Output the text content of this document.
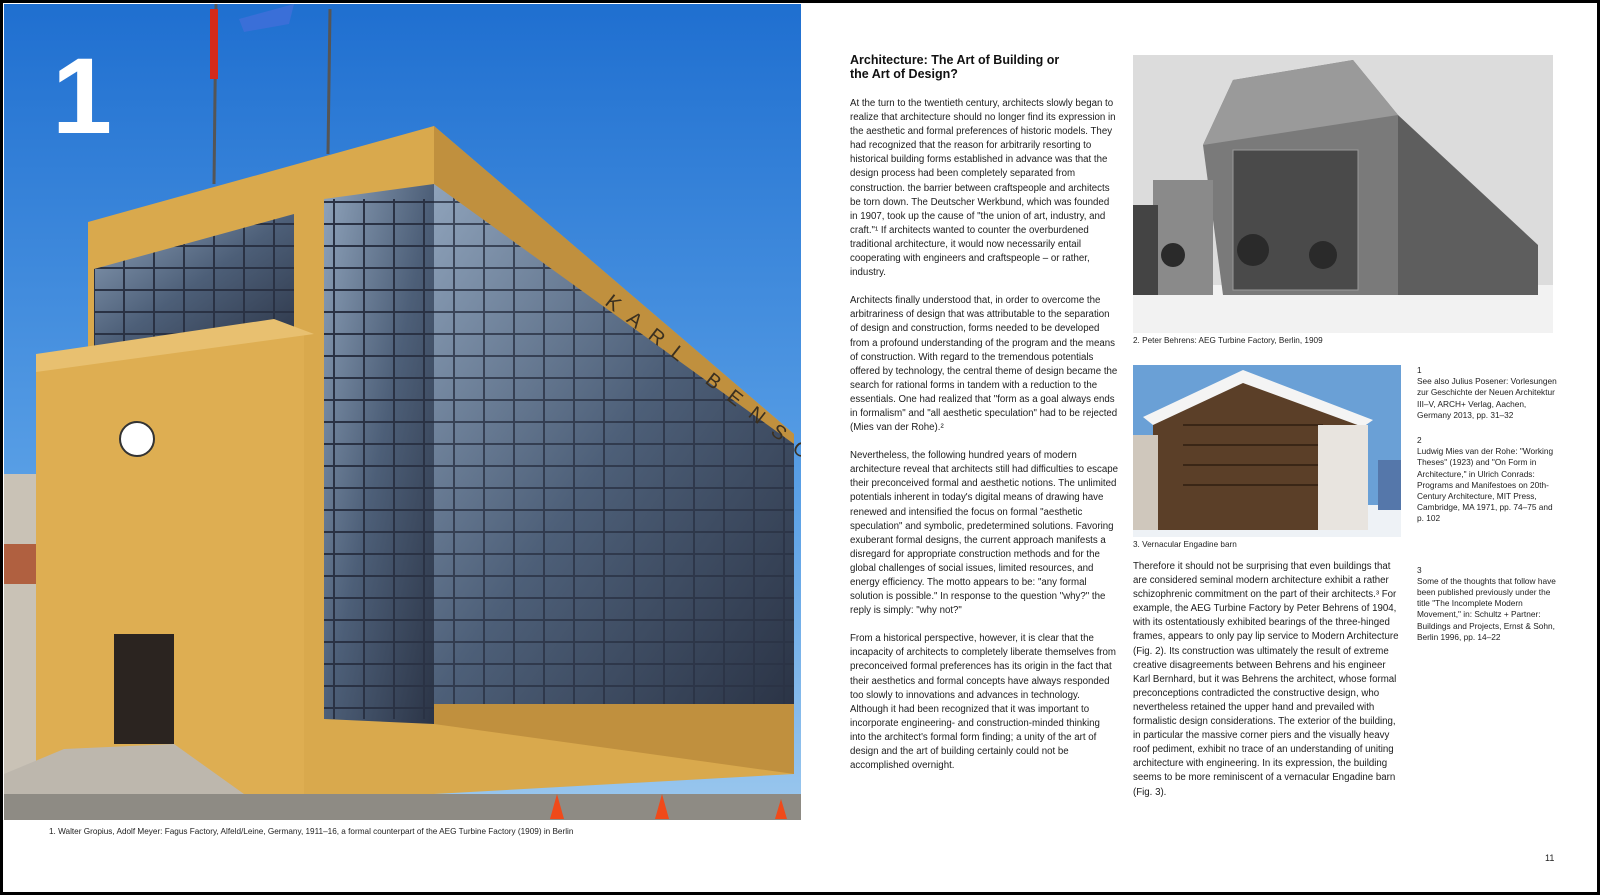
KARL
1
1. Walter Gropius, Adolf Meyer: Fagus Factory, Alfeld/Leine, Germany, 1911–16, a formal counterpart of the AEG Turbine Factory (1909) in Berlin
Architecture: The Art of Building or the Art of Design?

At the turn to the twentieth century, architects slowly began to realize that architecture should no longer find its expression in the aesthetic and formal preferences of historic models. They had recognized that the reason for arbitrarily resorting to historical building forms established in advance was that the design process had been completely separated from construction. the barrier between craftspeople and architects be torn down. The Deutscher Werkbund, which was founded in 1907, took up the cause of "the union of art, industry, and craft."¹ If architects wanted to counter the overburdened traditional architecture, it would now necessarily entail cooperating with engineers and craftspeople – or rather, industry.

Architects finally understood that, in order to overcome the arbitrariness of design that was attributable to the separation of design and construction, forms needed to be developed from a profound understanding of the program and the means of construction. With regard to the tremendous potentials offered by technology, the central theme of design became the search for rational forms in tandem with a reduction to the essentials. One had realized that "form as a goal always ends in formalism" and "all aesthetic speculation" had to be rejected (Mies van der Rohe).²

Nevertheless, the following hundred years of modern architecture reveal that architects still had difficulties to escape their preconceived formal and aesthetic notions. The unlimited potentials inherent in today's digital means of drawing have renewed and intensified the focus on formal "aesthetic speculation" and symbolic, predetermined solutions. Favoring exuberant formal designs, the current approach manifests a disregard for appropriate construction methods and for the global challenges of social issues, limited resources, and energy efficiency. The motto appears to be: "any formal solution is possible." In response to the question "why?" the reply is simply: "why not?"

From a historical perspective, however, it is clear that the incapacity of architects to completely liberate themselves from preconceived formal preferences has its origin in the fact that their aesthetics and formal concepts have always responded too slowly to innovations and advances in technology. Although it had been recognized that it was important to incorporate engineering- and construction-minded thinking into the architect's formal form finding; a unity of the art of design and the art of building certainly could not be accomplished overnight.

2. Peter Behrens: AEG Turbine Factory, Berlin, 1909
3. Vernacular Engadine barn

Therefore it should not be surprising that even buildings that are considered seminal modern architecture exhibit a rather schizophrenic commitment on the part of their architects.³ For example, the AEG Turbine Factory by Peter Behrens of 1904, with its ostentatiously exhibited bearings of the three-hinged frames, appears to only pay lip service to Modern Architecture (Fig. 2). Its construction was ultimately the result of extreme creative disagreements between Behrens and his engineer Karl Bernhard, but it was Behrens the architect, whose formal preconceptions contradicted the constructive design, who nevertheless retained the upper hand and prevailed with formalistic design considerations. The exterior of the building, in particular the massive corner piers and the visually heavy roof pediment, exhibit no trace of an understanding of uniting architecture with engineering. In its expression, the building seems to be more reminiscent of a vernacular Engadine barn (Fig. 3).

1
See also Julius Posener: Vorlesungen zur Geschichte der Neuen Architektur III–V, ARCH+ Verlag, Aachen, Germany 2013, pp. 31–32
2
Ludwig Mies van der Rohe: "Working Theses" (1923) and "On Form in Architecture," in Ulrich Conrads: Programs and Manifestoes on 20th-Century Architecture, MIT Press, Cambridge, MA 1971, pp. 74–75 and p. 102
3
Some of the thoughts that follow have been published previously under the title "The Incomplete Modern Movement," in: Schultz + Partner: Buildings and Projects, Ernst & Sohn, Berlin 1996, pp. 14–22
11
